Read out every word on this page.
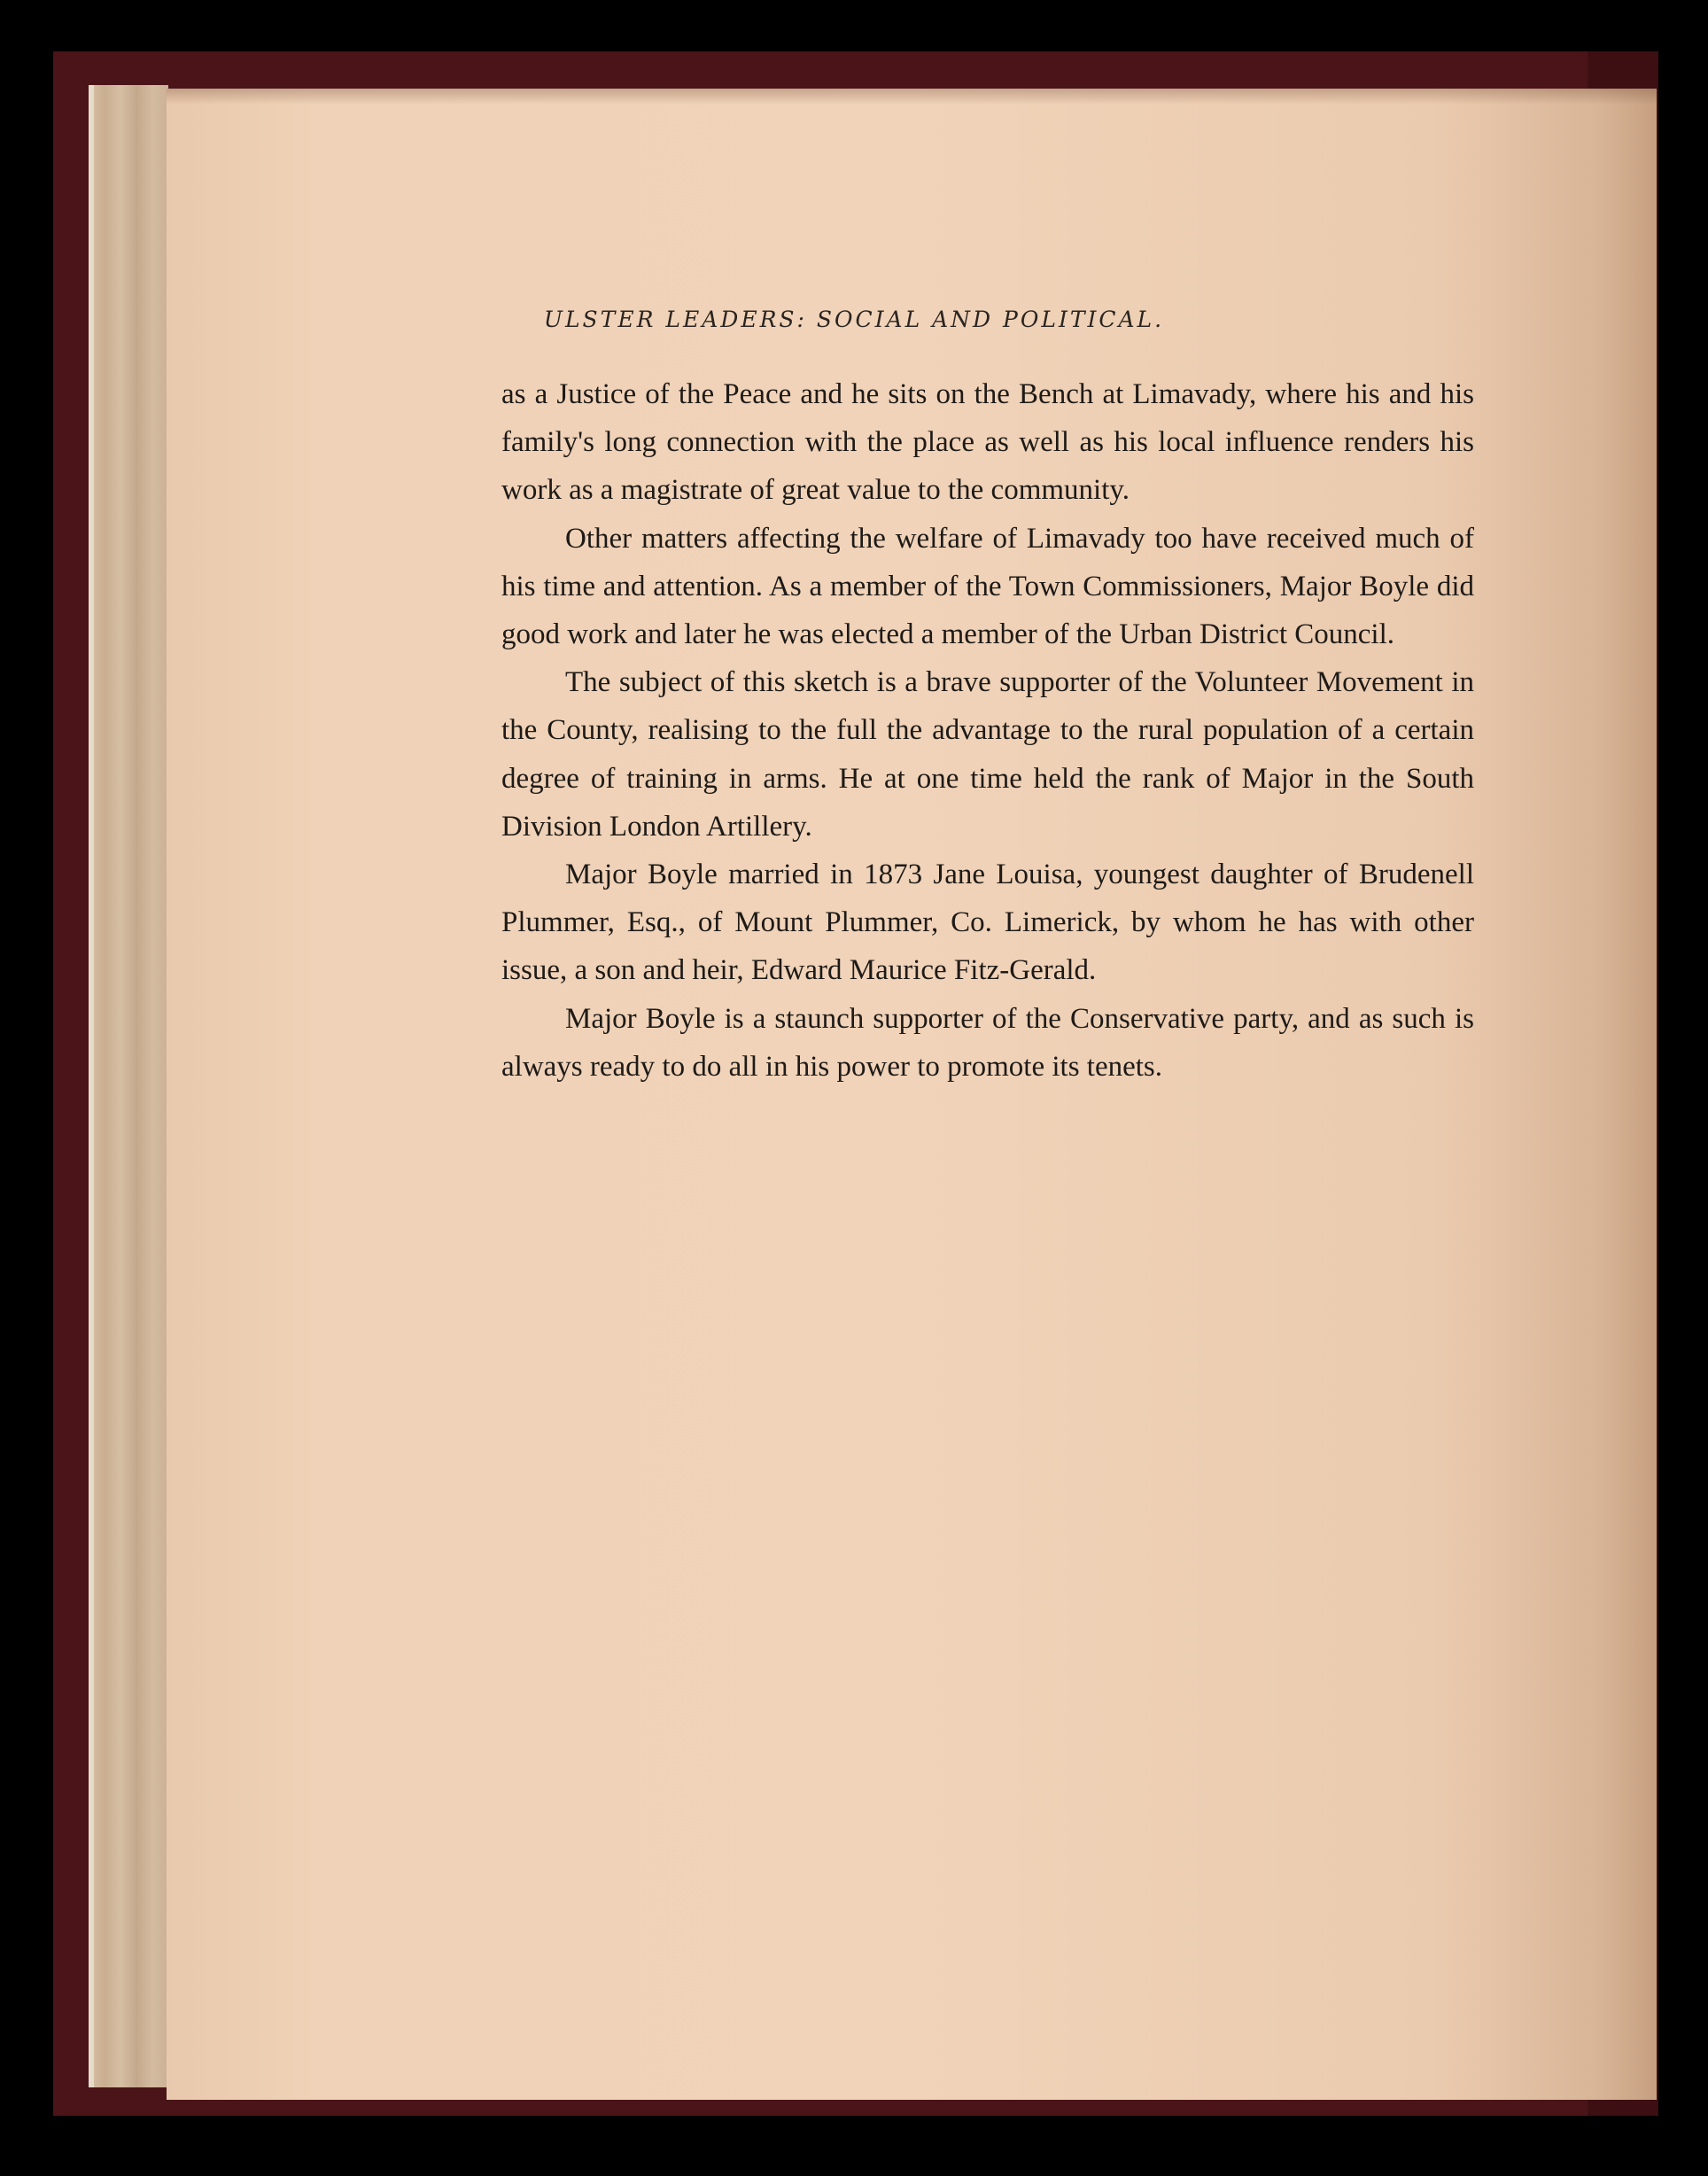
ULSTER LEADERS: SOCIAL AND POLITICAL.

as a Justice of the Peace and he sits on the Bench at Limavady, where his and his family's long connection with the place as well as his local influence renders his work as a magistrate of great value to the community.

Other matters affecting the welfare of Limavady too have received much of his time and attention. As a member of the Town Commissioners, Major Boyle did good work and later he was elected a member of the Urban District Council.

The subject of this sketch is a brave supporter of the Volunteer Movement in the County, realising to the full the advantage to the rural population of a certain degree of training in arms. He at one time held the rank of Major in the South Division London Artillery.

Major Boyle married in 1873 Jane Louisa, youngest daughter of Brudenell Plummer, Esq., of Mount Plummer, Co. Limerick, by whom he has with other issue, a son and heir, Edward Maurice Fitz-Gerald.

Major Boyle is a staunch supporter of the Conservative party, and as such is always ready to do all in his power to promote its tenets.
